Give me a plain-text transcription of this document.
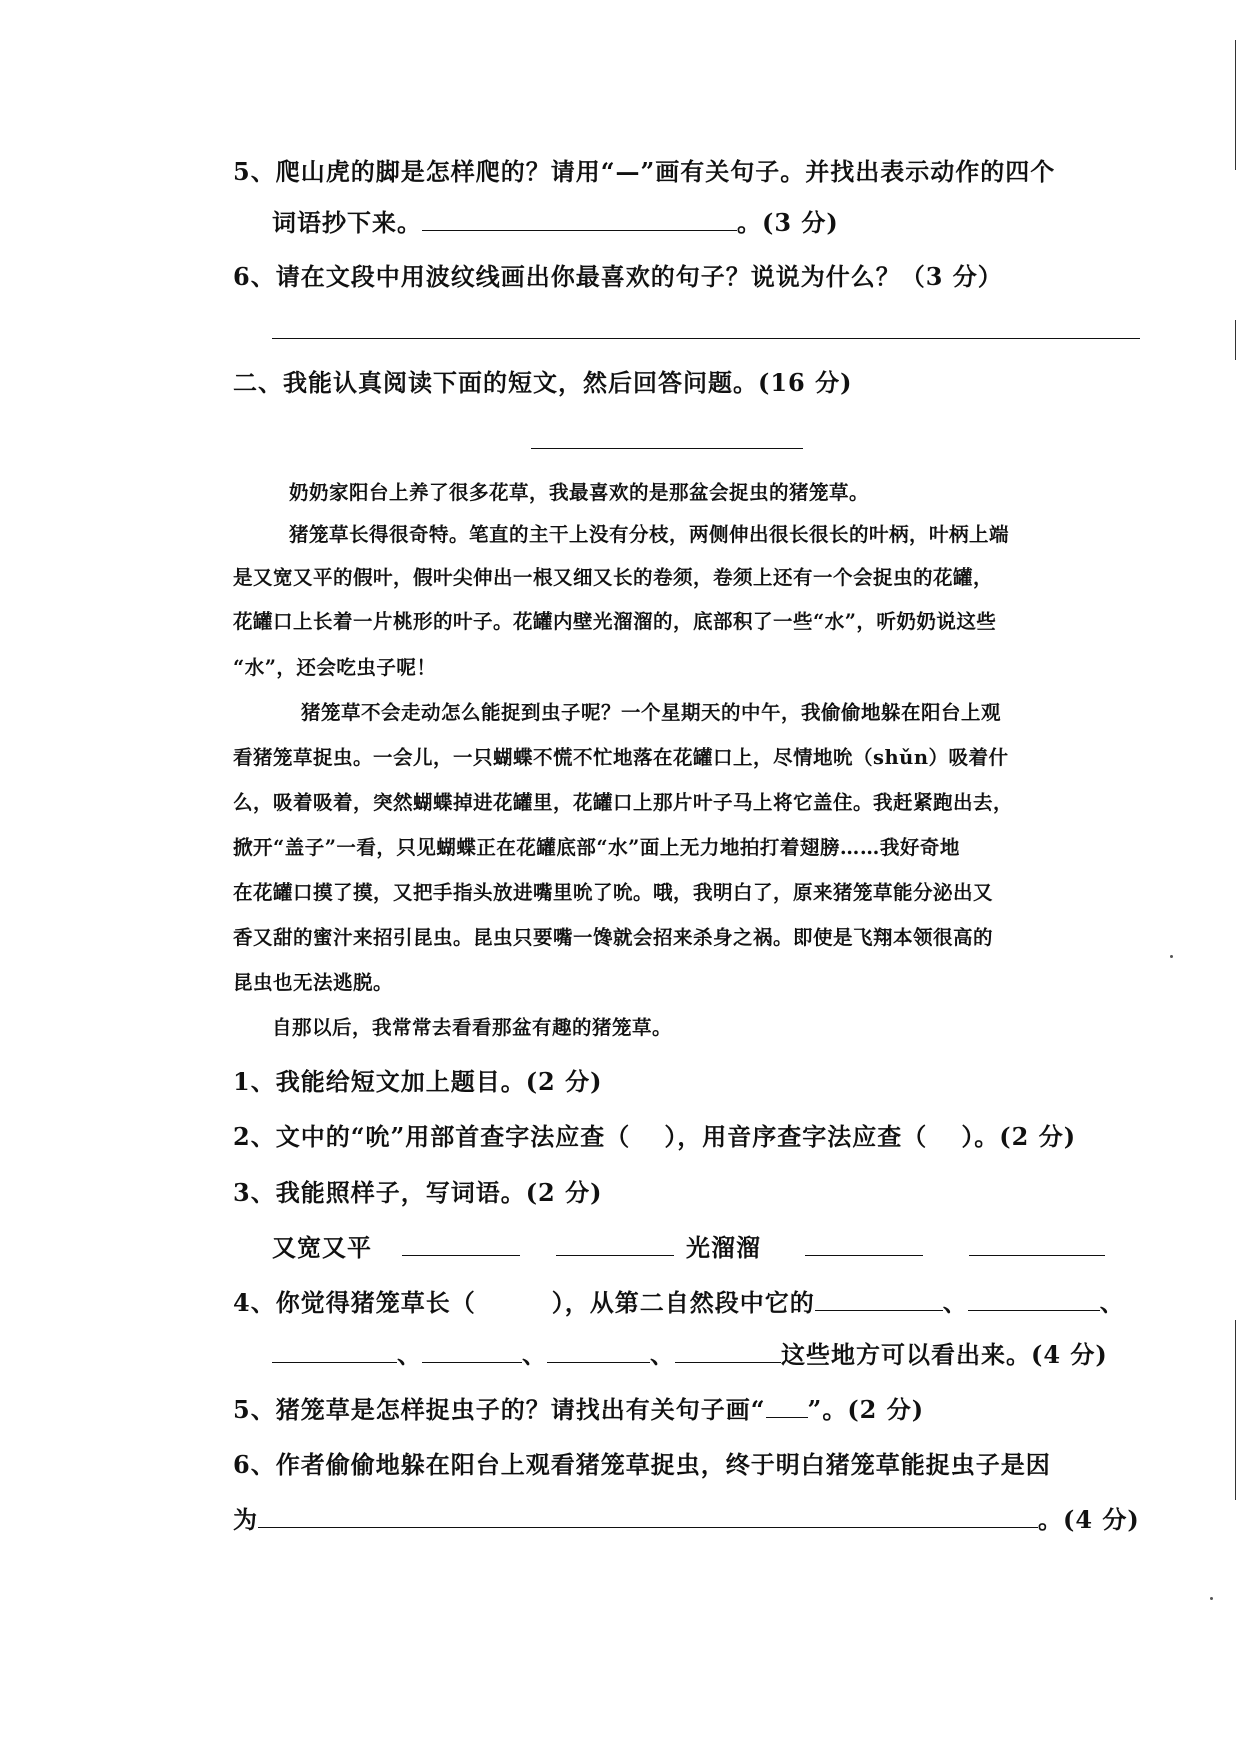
5、爬山虎的脚是怎样爬的？请用“—”画有关句子。并找出表示动作的四个
词语抄下来。	。(3 分)
6、请在文段中用波纹线画出你最喜欢的句子？说说为什么？（3 分）
二、我能认真阅读下面的短文，然后回答问题。(16 分)
奶奶家阳台上养了很多花草，我最喜欢的是那盆会捉虫的猪笼草。
猪笼草长得很奇特。笔直的主干上没有分枝，两侧伸出很长很长的叶柄，叶柄上端
是又宽又平的假叶，假叶尖伸出一根又细又长的卷须，卷须上还有一个会捉虫的花罐，
花罐口上长着一片桃形的叶子。花罐内壁光溜溜的，底部积了一些“水”，听奶奶说这些
“水”，还会吃虫子呢！
猪笼草不会走动怎么能捉到虫子呢？一个星期天的中午，我偷偷地躲在阳台上观
看猪笼草捉虫。一会儿，一只蝴蝶不慌不忙地落在花罐口上，尽情地吮（shǔn）吸着什
么，吸着吸着，突然蝴蝶掉进花罐里，花罐口上那片叶子马上将它盖住。我赶紧跑出去，
掀开“盖子”一看，只见蝴蝶正在花罐底部“水”面上无力地拍打着翅膀……我好奇地
在花罐口摸了摸，又把手指头放进嘴里吮了吮。哦，我明白了，原来猪笼草能分泌出又
香又甜的蜜汁来招引昆虫。昆虫只要嘴一馋就会招来杀身之祸。即使是飞翔本领很高的
昆虫也无法逃脱。
自那以后，我常常去看看那盆有趣的猪笼草。
1、我能给短文加上题目。(2 分)
2、文中的“吮”用部首查字法应查（ ），用音序查字法应查（ ）。(2 分)
3、我能照样子，写词语。(2 分)
又宽又平	光溜溜
4、你觉得猪笼草长（	），从第二自然段中它的	、	、
、	、	、	这些地方可以看出来。(4 分)
5、猪笼草是怎样捉虫子的？请找出有关句子画“ ”。(2 分)
6、作者偷偷地躲在阳台上观看猪笼草捉虫，终于明白猪笼草能捉虫子是因
为	。(4 分)
